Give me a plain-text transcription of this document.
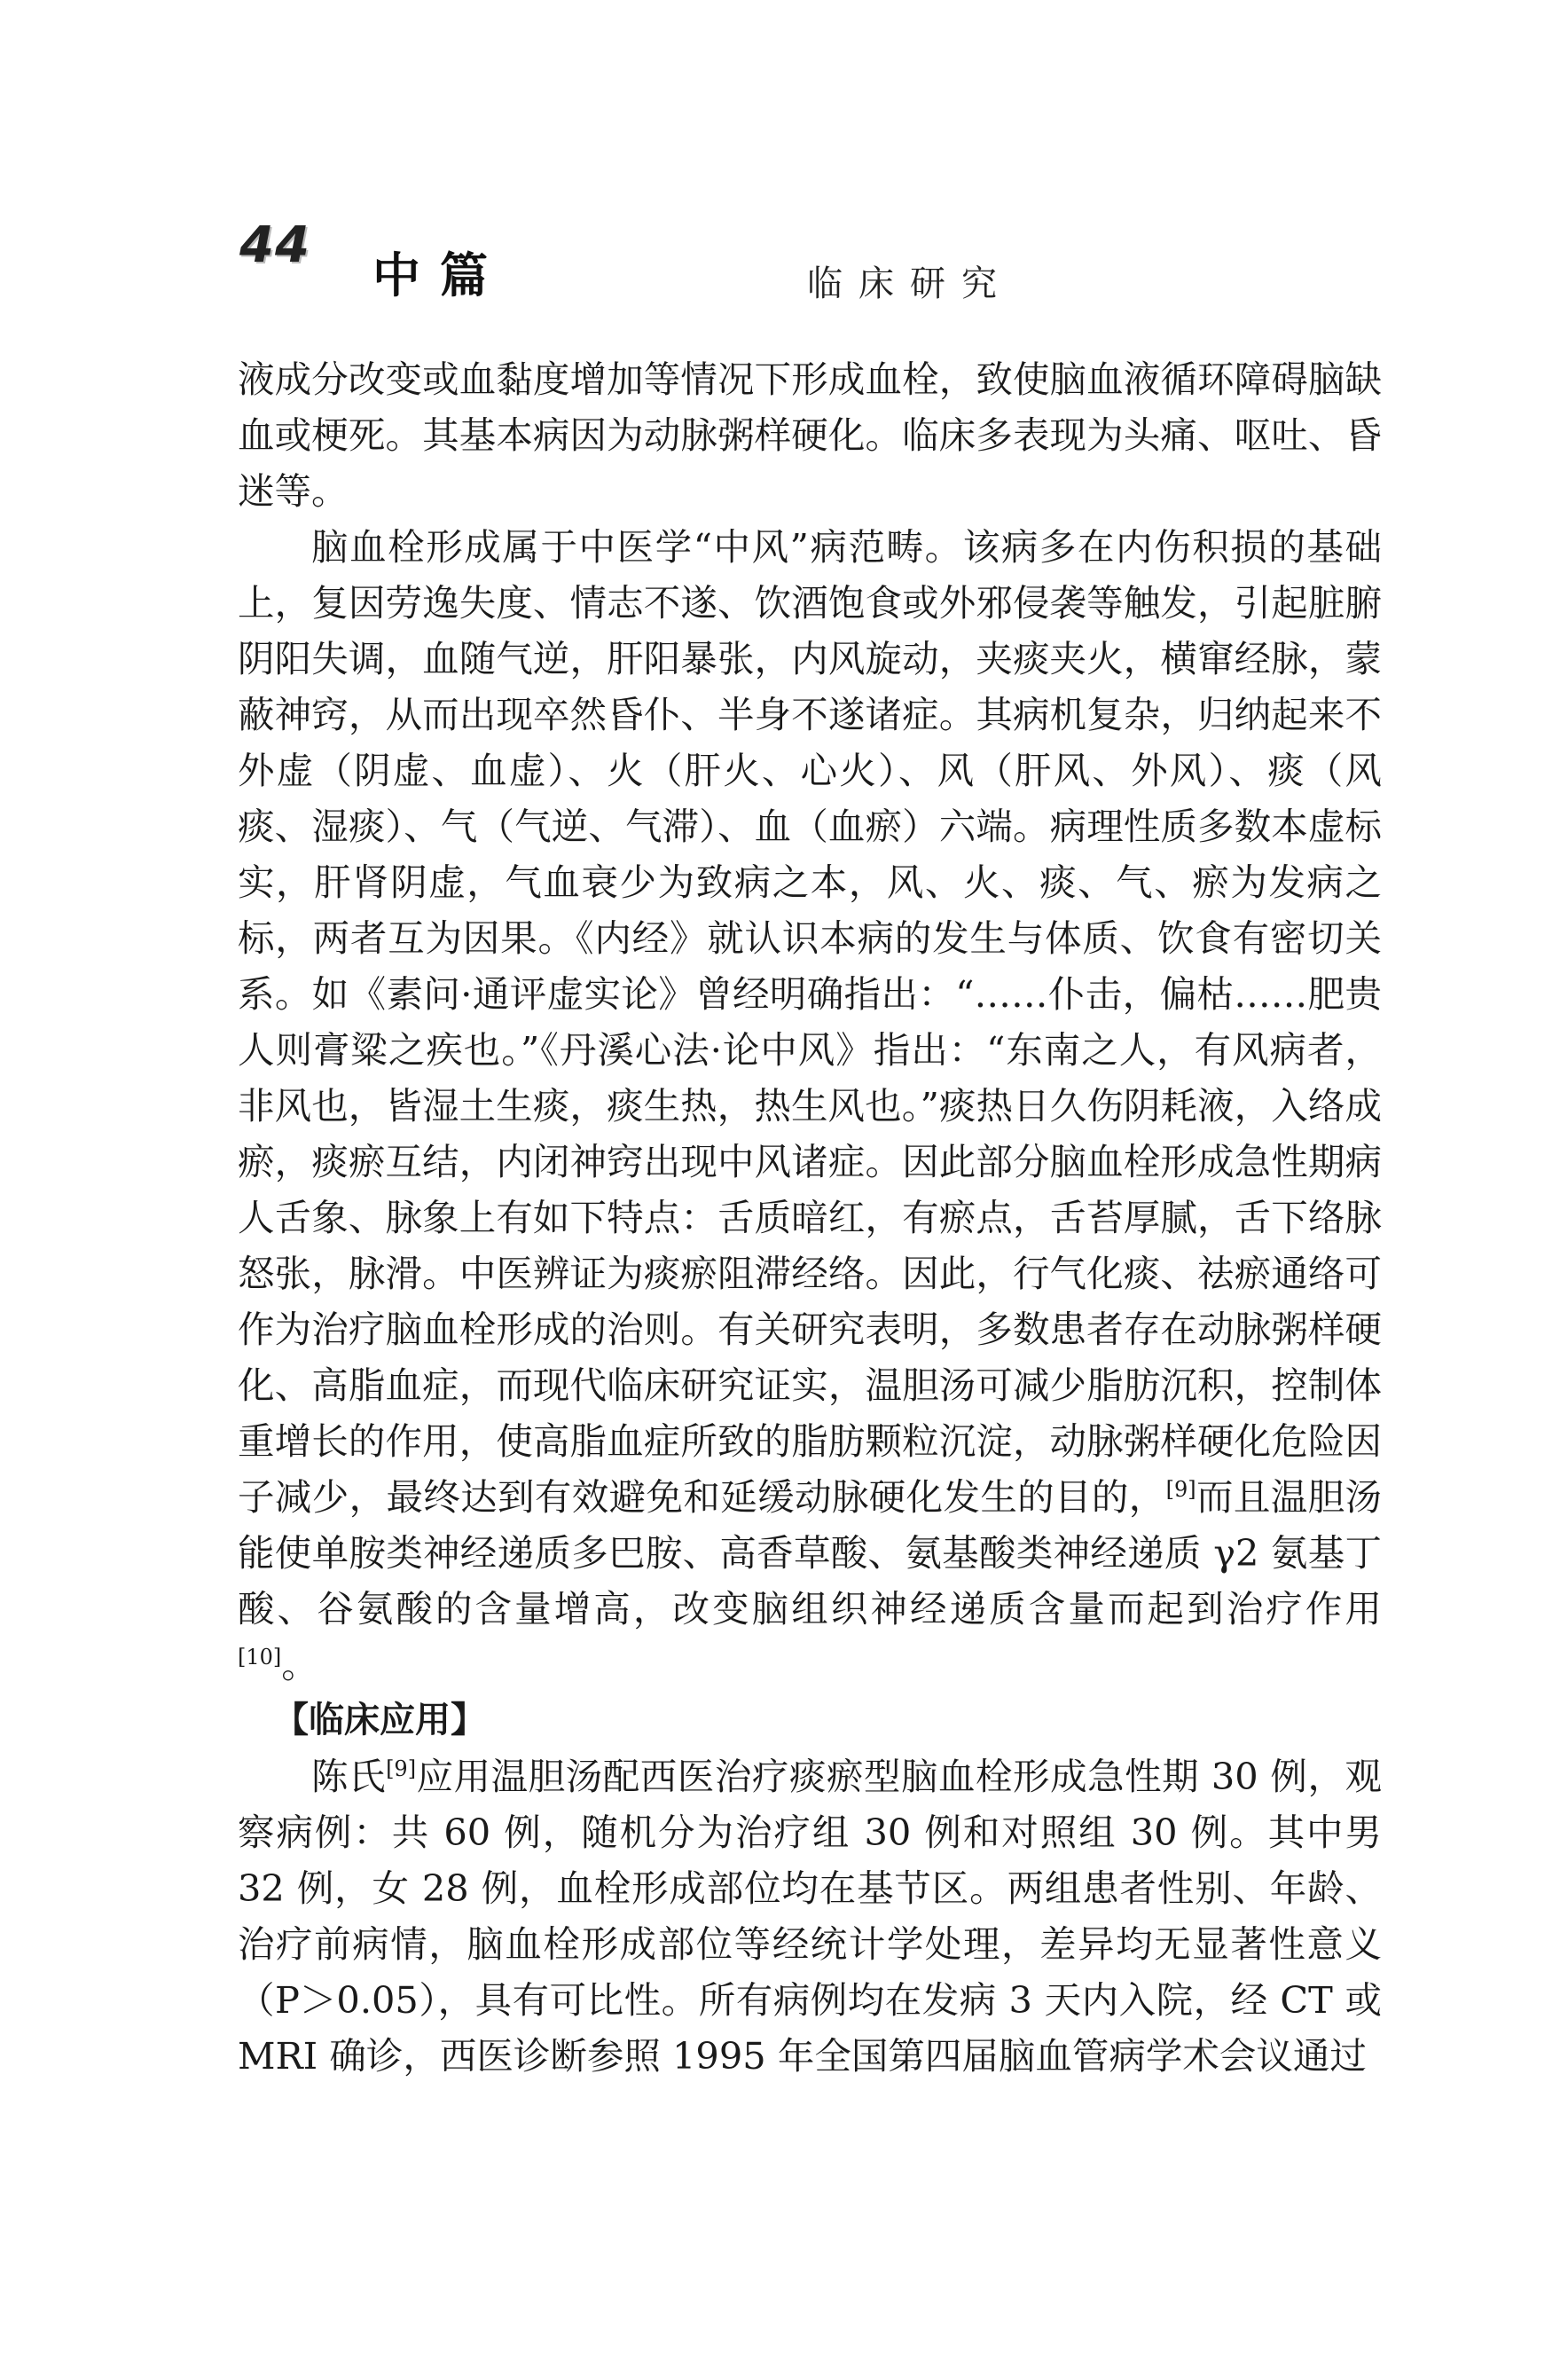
44
中篇	临床研究

液成分改变或血黏度增加等情况下形成血栓，致使脑血液循环障碍脑缺血或梗死。其基本病因为动脉粥样硬化。临床多表现为头痛、呕吐、昏迷等。

脑血栓形成属于中医学“中风”病范畴。该病多在内伤积损的基础上，复因劳逸失度、情志不遂、饮酒饱食或外邪侵袭等触发，引起脏腑阴阳失调，血随气逆，肝阳暴张，内风旋动，夹痰夹火，横窜经脉，蒙蔽神窍，从而出现卒然昏仆、半身不遂诸症。其病机复杂，归纳起来不外虚（阴虚、血虚）、火（肝火、心火）、风（肝风、外风）、痰（风痰、湿痰）、气（气逆、气滞）、血（血瘀）六端。病理性质多数本虚标实，肝肾阴虚，气血衰少为致病之本，风、火、痰、气、瘀为发病之标，两者互为因果。《内经》就认识本病的发生与体质、饮食有密切关系。如《素问·通评虚实论》曾经明确指出：“……仆击，偏枯……肥贵人则膏粱之疾也。”《丹溪心法·论中风》指出：“东南之人，有风病者，非风也，皆湿土生痰，痰生热，热生风也。”痰热日久伤阴耗液，入络成瘀，痰瘀互结，内闭神窍出现中风诸症。因此部分脑血栓形成急性期病人舌象、脉象上有如下特点：舌质暗红，有瘀点，舌苔厚腻，舌下络脉怒张，脉滑。中医辨证为痰瘀阻滞经络。因此，行气化痰、祛瘀通络可作为治疗脑血栓形成的治则。有关研究表明，多数患者存在动脉粥样硬化、高脂血症，而现代临床研究证实，温胆汤可减少脂肪沉积，控制体重增长的作用，使高脂血症所致的脂肪颗粒沉淀，动脉粥样硬化危险因子减少，最终达到有效避免和延缓动脉硬化发生的目的，[9]而且温胆汤能使单胺类神经递质多巴胺、高香草酸、氨基酸类神经递质 γ2 氨基丁酸、谷氨酸的含量增高，改变脑组织神经递质含量而起到治疗作用[10]。

【临床应用】

陈氏[9]应用温胆汤配西医治疗痰瘀型脑血栓形成急性期 30 例，观察病例：共 60 例，随机分为治疗组 30 例和对照组 30 例。其中男 32 例，女 28 例，血栓形成部位均在基节区。两组患者性别、年龄、治疗前病情，脑血栓形成部位等经统计学处理，差异均无显著性意义（P＞0.05），具有可比性。所有病例均在发病 3 天内入院，经 CT 或 MRI 确诊，西医诊断参照 1995 年全国第四届脑血管病学术会议通过
